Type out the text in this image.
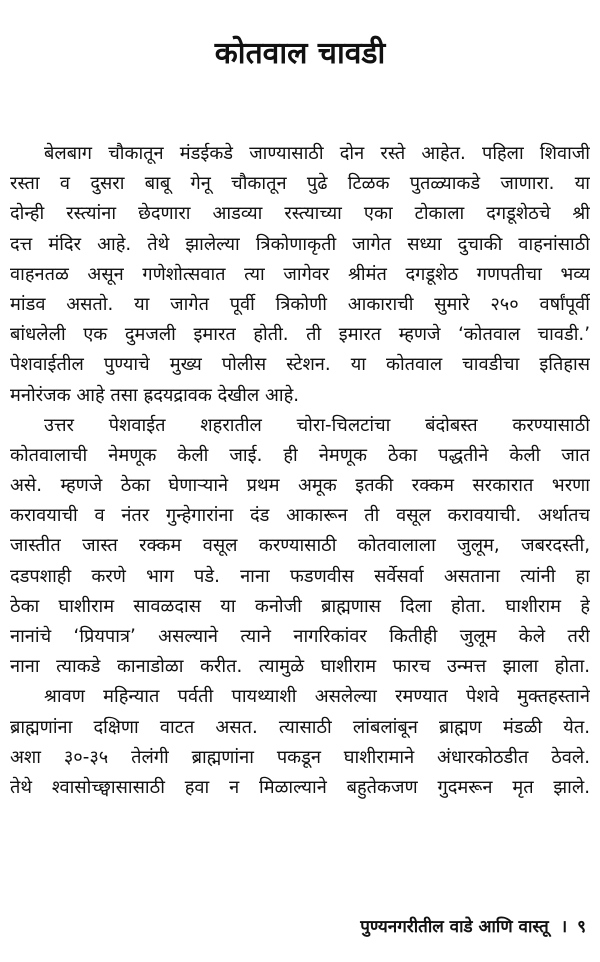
कोतवाल चावडी
बेलबाग चौकातून मंडईकडे जाण्यासाठी दोन रस्ते आहेत. पहिला शिवाजी
रस्ता व दुसरा बाबू गेनू चौकातून पुढे टिळक पुतळ्याकडे जाणारा. या
दोन्ही रस्त्यांना छेदणारा आडव्या रस्त्याच्या एका टोकाला दगडूशेठचे श्री
दत्त मंदिर आहे. तेथे झालेल्या त्रिकोणाकृती जागेत सध्या दुचाकी वाहनांसाठी
वाहनतळ असून गणेशोत्सवात त्या जागेवर श्रीमंत दगडूशेठ गणपतीचा भव्य
मांडव असतो. या जागेत पूर्वी त्रिकोणी आकाराची सुमारे २५० वर्षांपूर्वी
बांधलेली एक दुमजली इमारत होती. ती इमारत म्हणजे ‘कोतवाल चावडी.’
पेशवाईतील पुण्याचे मुख्य पोलीस स्टेशन. या कोतवाल चावडीचा इतिहास
मनोरंजक आहे तसा ह्रदयद्रावक देखील आहे.
उत्तर पेशवाईत शहरातील चोरा-चिलटांचा बंदोबस्त करण्यासाठी
कोतवालाची नेमणूक केली जाई. ही नेमणूक ठेका पद्धतीने केली जात
असे. म्हणजे ठेका घेणाऱ्याने प्रथम अमूक इतकी रक्कम सरकारात भरणा
करावयाची व नंतर गुन्हेगारांना दंड आकारून ती वसूल करावयाची. अर्थातच
जास्तीत जास्त रक्कम वसूल करण्यासाठी कोतवालाला जुलूम, जबरदस्ती,
दडपशाही करणे भाग पडे. नाना फडणवीस सर्वेसर्वा असताना त्यांनी हा
ठेका घाशीराम सावळदास या कनोजी ब्राह्मणास दिला होता. घाशीराम हे
नानांचे ‘प्रियपात्र’ असल्याने त्याने नागरिकांवर कितीही जुलूम केले तरी
नाना त्याकडे कानाडोळा करीत. त्यामुळे घाशीराम फारच उन्मत्त झाला होता.
श्रावण महिन्यात पर्वती पायथ्याशी असलेल्या रमण्यात पेशवे मुक्तहस्ताने
ब्राह्मणांना दक्षिणा वाटत असत. त्यासाठी लांबलांबून ब्राह्मण मंडळी येत.
अशा ३०-३५ तेलंगी ब्राह्मणांना पकडून घाशीरामाने अंधारकोठडीत ठेवले.
तेथे श्वासोच्छ्वासासाठी हवा न मिळाल्याने बहुतेकजण गुदमरून मृत झाले.
पुण्यनगरीतील वाडे आणि वास्तू । ९
